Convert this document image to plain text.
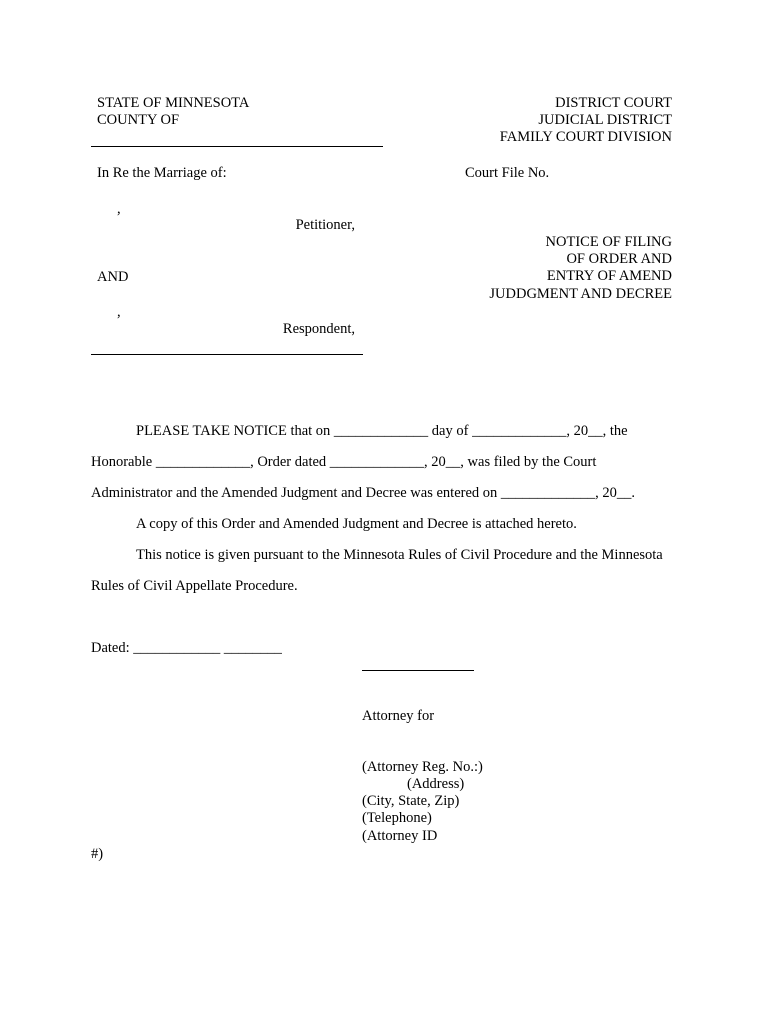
STATE OF MINNESOTA
COUNTY OF
DISTRICT COURT
JUDICIAL DISTRICT
FAMILY COURT DIVISION
In Re the Marriage of:	Court File No.
,
Petitioner,
AND
,
Respondent,
NOTICE OF FILING
OF ORDER AND
ENTRY OF AMEND
JUDDGMENT AND DECREE
PLEASE TAKE NOTICE that on _____________ day of _____________, 20__, the
Honorable _____________, Order dated _____________, 20__, was filed by the Court
Administrator and the Amended Judgment and Decree was entered on _____________, 20__.
A copy of this Order and Amended Judgment and Decree is attached hereto.
This notice is given pursuant to the Minnesota Rules of Civil Procedure and the Minnesota
Rules of Civil Appellate Procedure.
Dated: ____________ ________
Attorney for
(Attorney Reg. No.:)
(Address)
(City, State, Zip)
(Telephone)
(Attorney ID
#)
